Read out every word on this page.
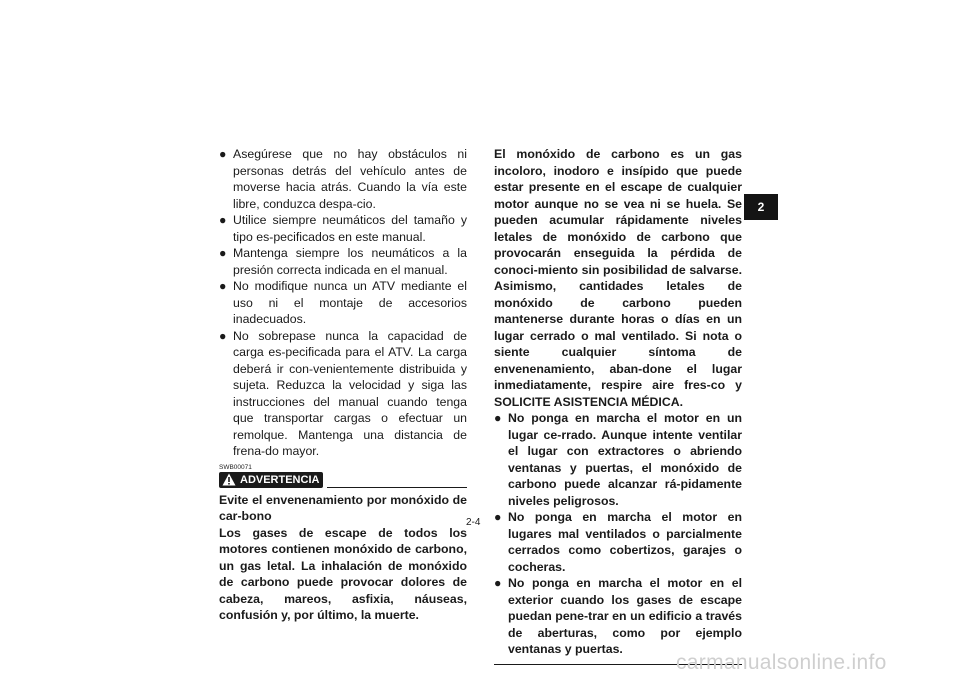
● Asegúrese que no hay obstáculos ni personas detrás del vehículo antes de moverse hacia atrás. Cuando la vía este libre, conduzca despa-cio.
● Utilice siempre neumáticos del tamaño y tipo es-pecificados en este manual.
● Mantenga siempre los neumáticos a la presión correcta indicada en el manual.
● No modifique nunca un ATV mediante el uso ni el montaje de accesorios inadecuados.
● No sobrepase nunca la capacidad de carga es-pecificada para el ATV. La carga deberá ir con-venientemente distribuida y sujeta. Reduzca la velocidad y siga las instrucciones del manual cuando tenga que transportar cargas o efectuar un remolque. Mantenga una distancia de frena-do mayor.
SWB00071
ADVERTENCIA
Evite el envenenamiento por monóxido de car-bono
Los gases de escape de todos los motores contienen monóxido de carbono, un gas letal. La inhalación de monóxido de carbono puede provocar dolores de cabeza, mareos, asfixia, náuseas, confusión y, por último, la muerte.
El monóxido de carbono es un gas incoloro, inodoro e insípido que puede estar presente en el escape de cualquier motor aunque no se vea ni se huela. Se pueden acumular rápidamente niveles letales de monóxido de carbono que provocarán enseguida la pérdida de conoci-miento sin posibilidad de salvarse. Asimismo, cantidades letales de monóxido de carbono pueden mantenerse durante horas o días en un lugar cerrado o mal ventilado. Si nota o siente cualquier síntoma de envenenamiento, aban-done el lugar inmediatamente, respire aire fres-co y SOLICITE ASISTENCIA MÉDICA.
● No ponga en marcha el motor en un lugar ce-rrado. Aunque intente ventilar el lugar con extractores o abriendo ventanas y puertas, el monóxido de carbono puede alcanzar rá-pidamente niveles peligrosos.
● No ponga en marcha el motor en lugares mal ventilados o parcialmente cerrados como cobertizos, garajes o cocheras.
● No ponga en marcha el motor en el exterior cuando los gases de escape puedan pene-trar en un edificio a través de aberturas, como por ejemplo ventanas y puertas.
2
2-4
carmanualsonline.info
